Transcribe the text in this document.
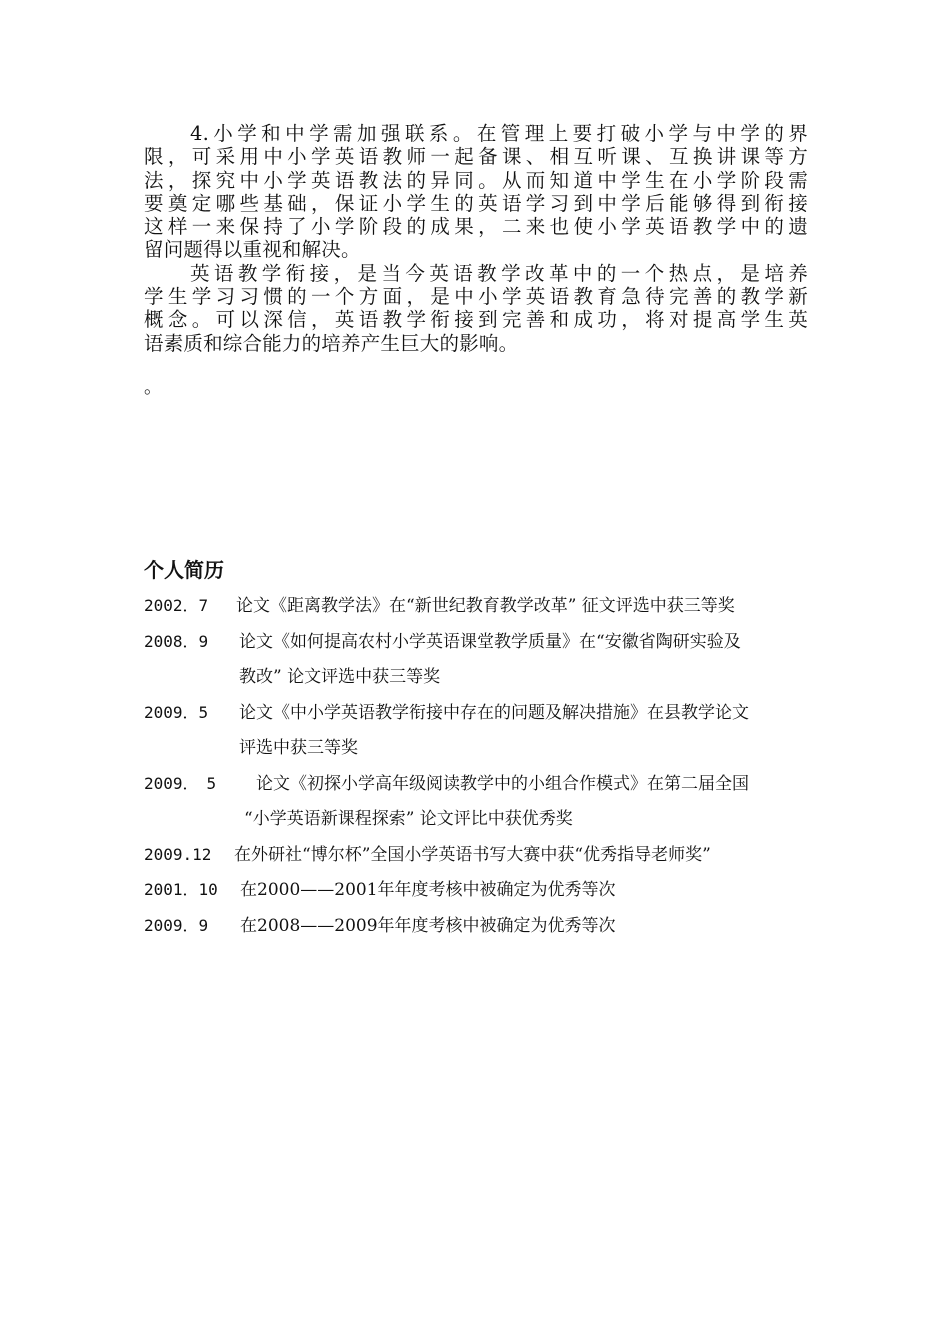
4.小学和中学需加强联系。在管理上要打破小学与中学的界
限，可采用中小学英语教师一起备课、相互听课、互换讲课等方
法，探究中小学英语教法的异同。从而知道中学生在小学阶段需
要奠定哪些基础，保证小学生的英语学习到中学后能够得到衔接
这样一来保持了小学阶段的成果，二来也使小学英语教学中的遗
留问题得以重视和解决。
英语教学衔接，是当今英语教学改革中的一个热点，是培养
学生学习习惯的一个方面，是中小学英语教育急待完善的教学新
概念。可以深信，英语教学衔接到完善和成功，将对提高学生英
语素质和综合能力的培养产生巨大的影响。
。
个人简历
2002．7 论文《距离教学法》在“新世纪教育教学改革” 征文评选中获三等奖
2008．9 论文《如何提高农村小学英语课堂教学质量》在“安徽省陶研实验及
教改” 论文评选中获三等奖
2009．5 论文《中小学英语教学衔接中存在的问题及解决措施》在县教学论文
评选中获三等奖
2009．　5 论文《初探小学高年级阅读教学中的小组合作模式》在第二届全国
“小学英语新课程探索” 论文评比中获优秀奖
2009.12 在外研社“博尔杯”全国小学英语书写大赛中获“优秀指导老师奖”
2001．10 在2000——2001年年度考核中被确定为优秀等次
2009．9 在2008——2009年年度考核中被确定为优秀等次
